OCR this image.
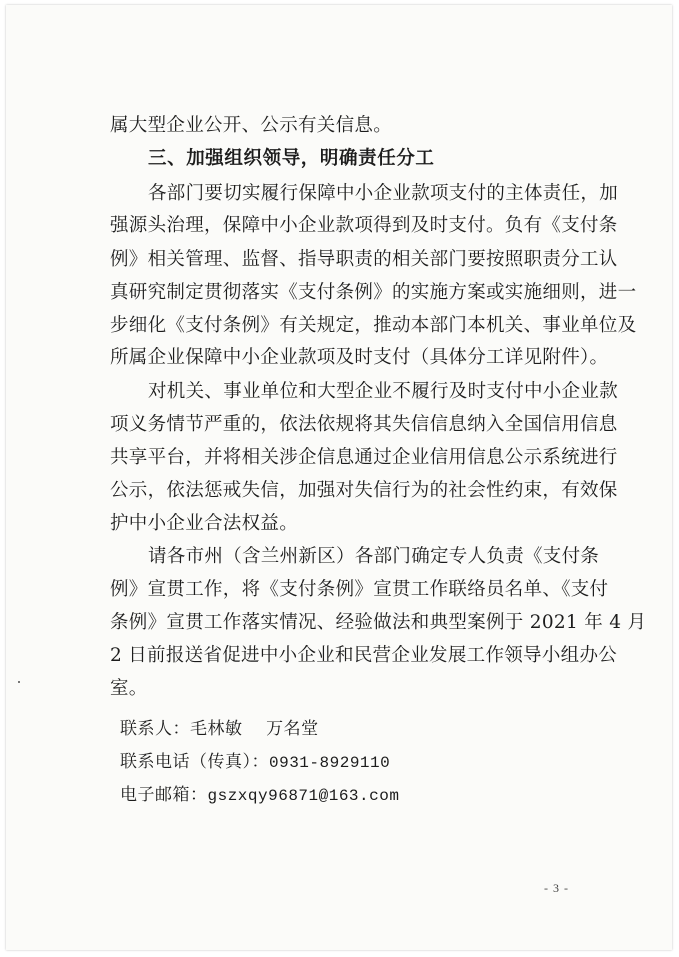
属大型企业公开、公示有关信息。
三、加强组织领导，明确责任分工
各部门要切实履行保障中小企业款项支付的主体责任，加
强源头治理，保障中小企业款项得到及时支付。负有《支付条
例》相关管理、监督、指导职责的相关部门要按照职责分工认
真研究制定贯彻落实《支付条例》的实施方案或实施细则，进一
步细化《支付条例》有关规定，推动本部门本机关、事业单位及
所属企业保障中小企业款项及时支付（具体分工详见附件）。
对机关、事业单位和大型企业不履行及时支付中小企业款
项义务情节严重的，依法依规将其失信信息纳入全国信用信息
共享平台，并将相关涉企信息通过企业信用信息公示系统进行
公示，依法惩戒失信，加强对失信行为的社会性约束，有效保
护中小企业合法权益。
请各市州（含兰州新区）各部门确定专人负责《支付条
例》宣贯工作，将《支付条例》宣贯工作联络员名单、《支付
条例》宣贯工作落实情况、经验做法和典型案例于 2021 年 4 月
2 日前报送省促进中小企业和民营企业发展工作领导小组办公
室。
联系人：毛林敏    万名堂
联系电话（传真）：0931-8929110
电子邮箱：gszxqy96871@163.com
- 3 -
